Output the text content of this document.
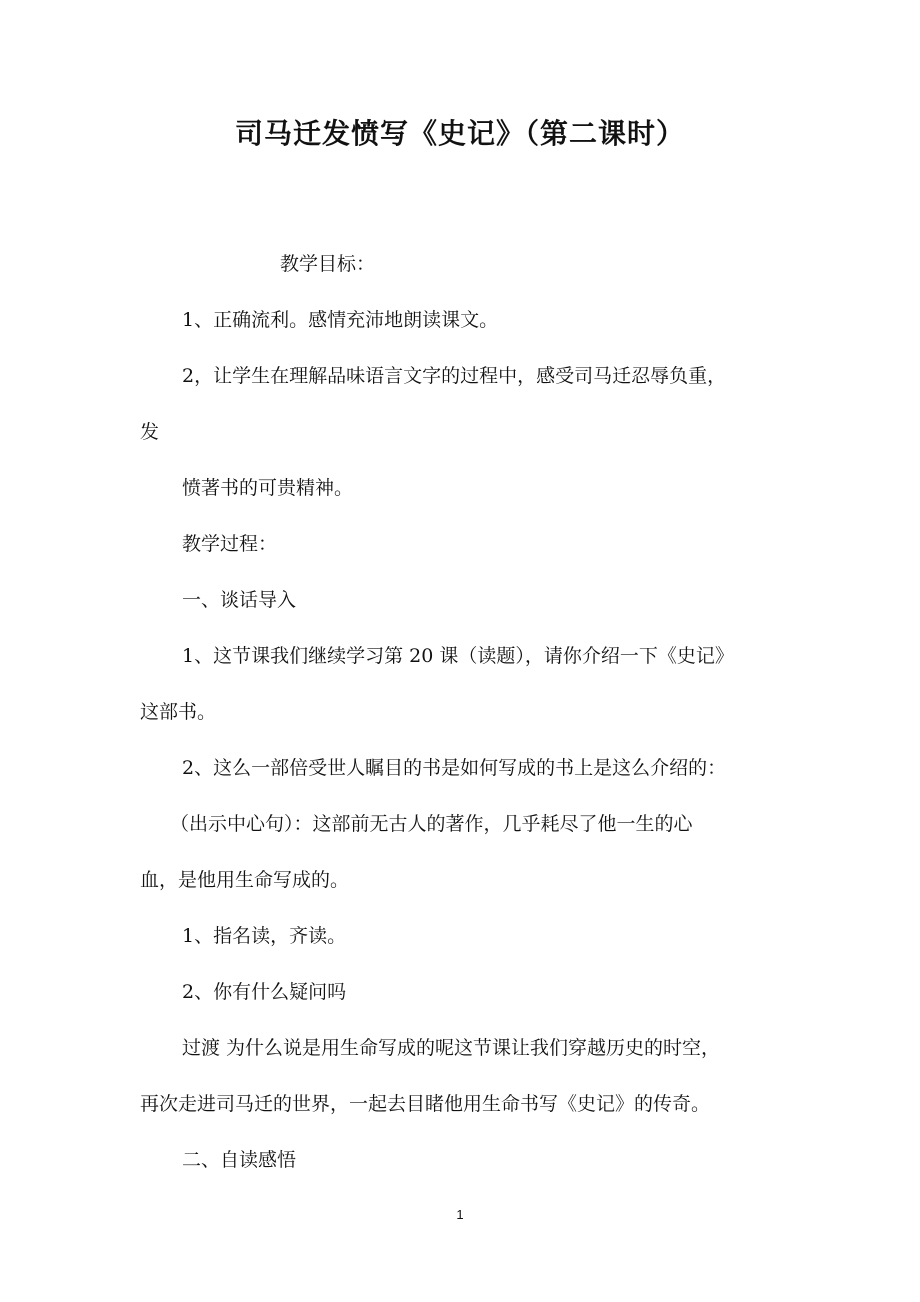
司马迁发愤写《史记》（第二课时）
教学目标：
1、正确流利。感情充沛地朗读课文。
2，让学生在理解品味语言文字的过程中，感受司马迁忍辱负重，
发
愤著书的可贵精神。
教学过程：
一、谈话导入
1、这节课我们继续学习第 20 课（读题），请你介绍一下《史记》
这部书。
2、这么一部倍受世人瞩目的书是如何写成的书上是这么介绍的：
（出示中心句）：这部前无古人的著作，几乎耗尽了他一生的心
血，是他用生命写成的。
1、指名读，齐读。
2、你有什么疑问吗
过渡 为什么说是用生命写成的呢这节课让我们穿越历史的时空，
再次走进司马迁的世界，一起去目睹他用生命书写《史记》的传奇。
二、自读感悟
1
